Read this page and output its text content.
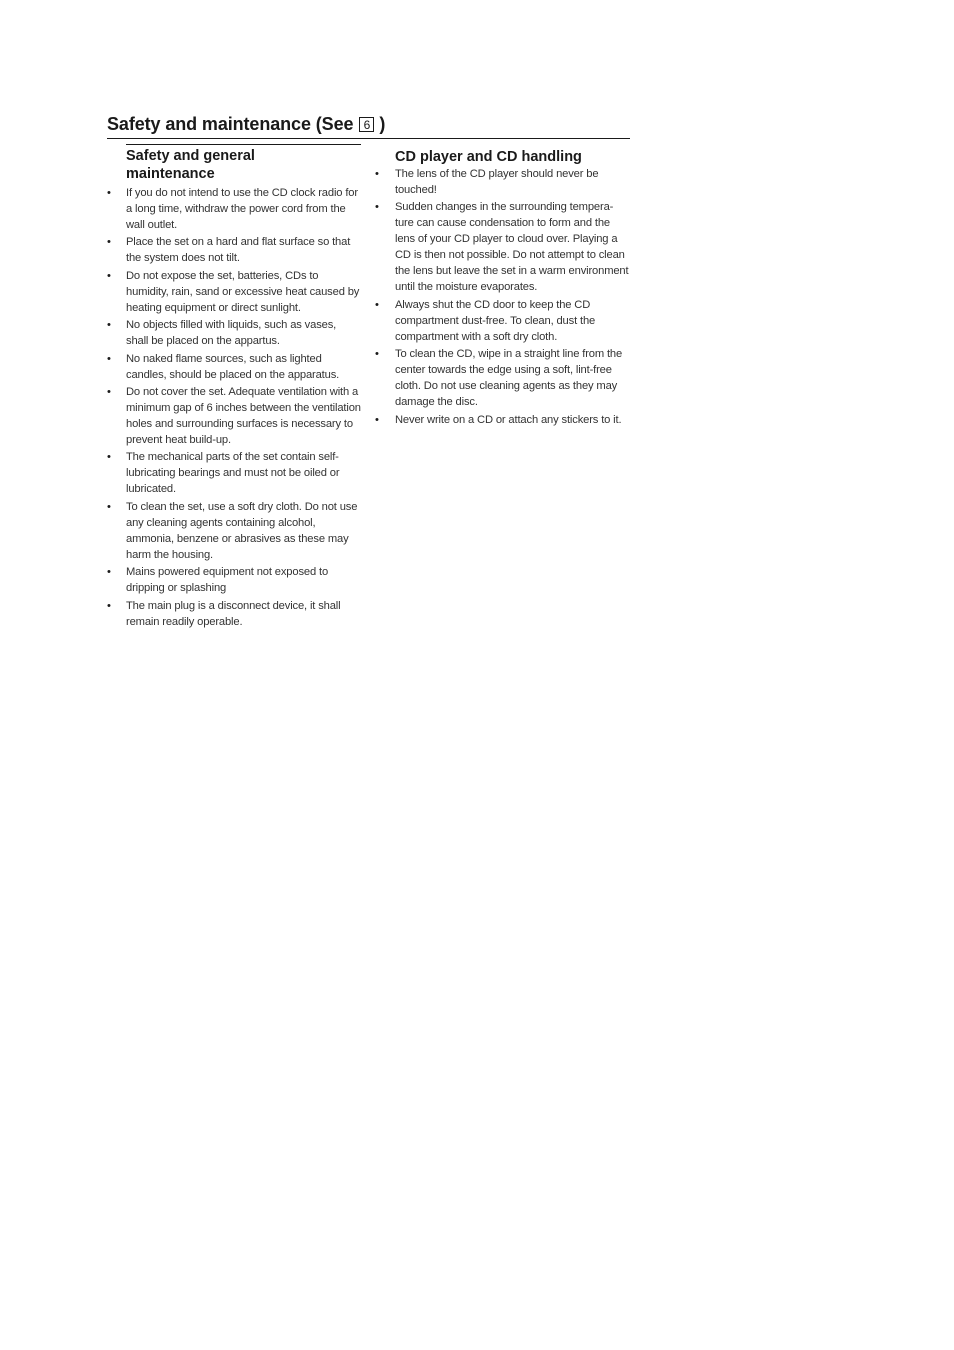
Safety and maintenance (See 6 )
Safety and general maintenance
• If you do not intend to use the CD clock radio for a long time, withdraw the power cord from the wall outlet.
• Place the set on a hard and flat surface so that the system does not tilt.
• Do not expose the set, batteries, CDs to humidity, rain, sand or excessive heat caused by heating equipment or direct sunlight.
• No objects filled with liquids, such as vases, shall be placed on the appartus.
• No naked flame sources, such as lighted candles, should be placed on the apparatus.
• Do not cover the set. Adequate ventilation with a minimum gap of 6 inches between the ventilation holes and surrounding surfaces is necessary to prevent heat build-up.
• The mechanical parts of the set contain self-lubricating bearings and must not be oiled or lubricated.
• To clean the set, use a soft dry cloth. Do not use any cleaning agents containing alcohol, ammonia, benzene or abrasives as these may harm the housing.
• Mains powered equipment not exposed to dripping or splashing
• The main plug is a disconnect device, it shall remain readily operable.
CD player and CD handling
• The lens of the CD player should never be touched!
• Sudden changes in the surrounding tempera-ture can cause condensation to form and the lens of your CD player to cloud over. Playing a CD is then not possible. Do not attempt to clean the lens but leave the set in a warm environment until the moisture evaporates.
• Always shut the CD door to keep the CD compartment dust-free. To clean, dust the compartment with a soft dry cloth.
• To clean the CD, wipe in a straight line from the center towards the edge using a soft, lint-free cloth. Do not use cleaning agents as they may damage the disc.
• Never write on a CD or attach any stickers to it.
